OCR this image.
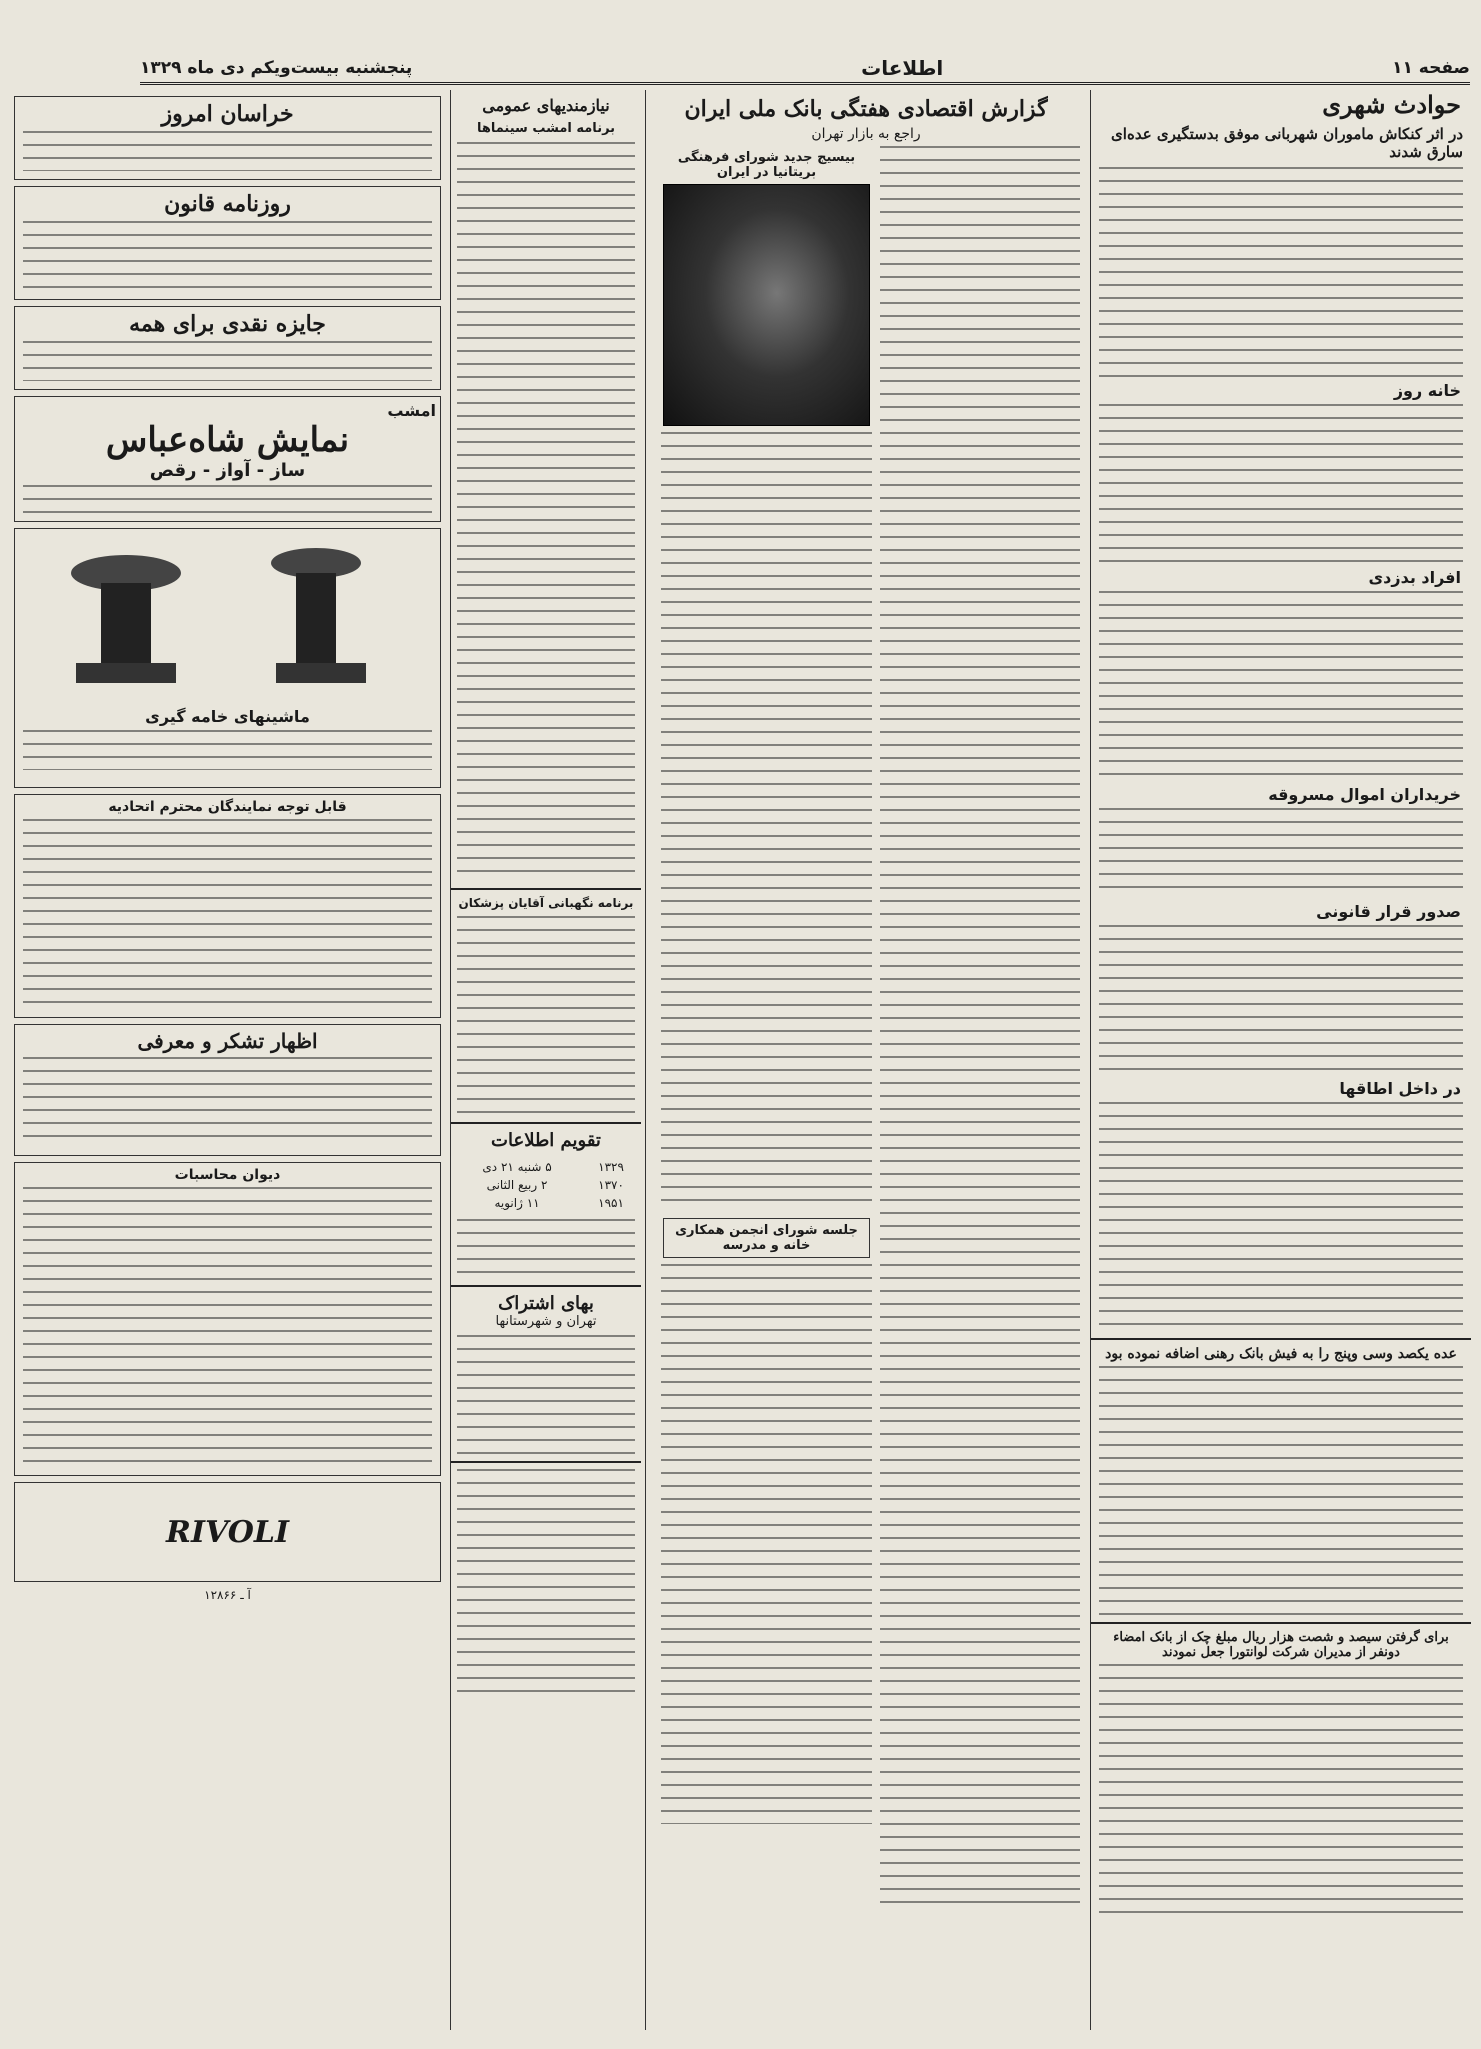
صفحه ۱۱
اطلاعات
پنجشنبه بیست‌ویکم دی ماه ۱۳۲۹
حوادث شهری
در اثر کنکاش ماموران شهربانی موفق بدستگیری عده‌ای سارق شدند
خانه روز
افراد بدزدی
خریداران اموال مسروقه
صدور قرار قانونی
در داخل اطاقها
عده یکصد وسی وپنج را به فیش بانک رهنی اضافه نموده بود
برای گرفتن سیصد و شصت هزار ریال مبلغ چک از بانک امضاء دونفر از مدیران شرکت لوانتورا جعل نمودند
گزارش اقتصادی هفتگی بانک ملی ایران
راجع به بازار تهران
بیسیج جدید شورای فرهنگی بریتانیا در ایران
جلسه شورای انجمن همکاری خانه و مدرسه
نیازمندیهای عمومی
برنامه امشب سینماها
برنامه نگهبانی آقایان پزشکان
تقویم اطلاعات
۱۳۲۹	۵ شنبه ۲۱ دی
۱۳۷۰	۲ ربیع الثانی
۱۹۵۱	۱۱ ژانویه
بهای اشتراک
تهران و شهرستانها
خراسان امروز
روزنامه قانون
جایزه نقدی برای همه
امشب
نمایش شاه‌عباس
ساز - آواز - رقص
ماشینهای خامه گیری
قابل توجه نمایندگان محترم اتحادیه
اظهار تشکر و معرفی
دیوان محاسبات
RIVOLI
آ ـ ۱۲۸۶۶
